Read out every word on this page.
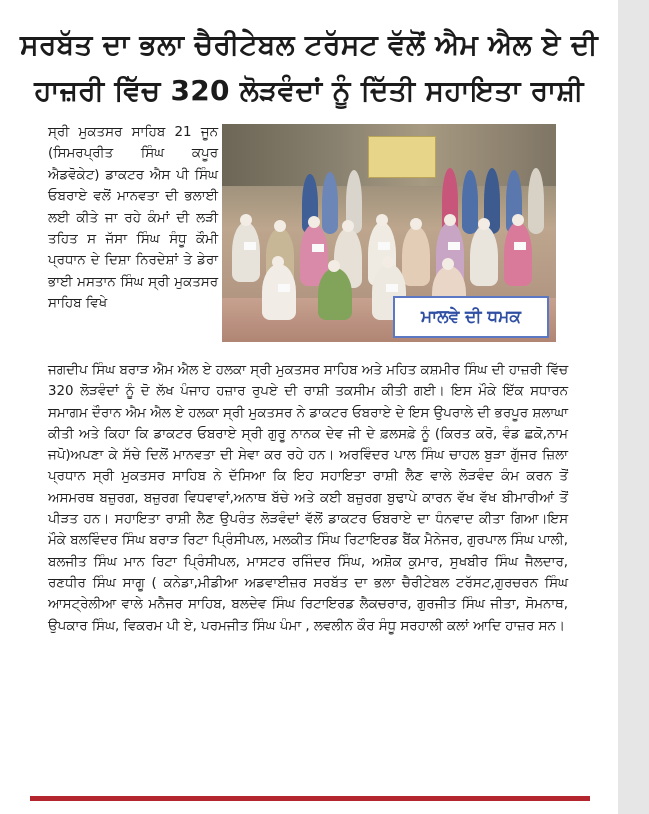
ਸਰਬੱਤ ਦਾ ਭਲਾ ਚੈਰੀਟੇਬਲ ਟਰੱਸਟ ਵੱਲੋਂ ਐਮ ਐਲ ਏ ਦੀ ਹਾਜ਼ਰੀ ਵਿੱਚ 320 ਲੋੜਵੰਦਾਂ ਨੂੰ ਦਿੱਤੀ ਸਹਾਇਤਾ ਰਾਸ਼ੀ
ਸ੍ਰੀ ਮੁਕਤਸਰ ਸਾਹਿਬ 21 ਜੂਨ (ਸਿਮਰਪ੍ਰੀਤ ਸਿੰਘ ਕਪੂਰ ਐਡਵੋਕੇਟ) ਡਾਕਟਰ ਐਸ ਪੀ ਸਿੰਘ ਓਬਰਾਏ ਵਲੋਂ ਮਾਨਵਤਾ ਦੀ ਭਲਾਈ ਲਈ ਕੀਤੇ ਜਾ ਰਹੇ ਕੰਮਾਂ ਦੀ ਲੜੀ ਤਹਿਤ ਸ ਜੱਸਾ ਸਿੰਘ ਸੰਧੂ ਕੌਮੀ ਪ੍ਰਧਾਨ ਦੇ ਦਿਸ਼ਾ ਨਿਰਦੇਸ਼ਾਂ ਤੇ ਡੇਰਾ ਭਾਈ ਮਸਤਾਨ ਸਿੰਘ ਸ੍ਰੀ ਮੁਕਤਸਰ ਸਾਹਿਬ ਵਿਖੇ
ਮਾਲਵੇ ਦੀ ਧਮਕ
ਜਗਦੀਪ ਸਿੰਘ ਬਰਾੜ ਐਮ ਐਲ ਏ ਹਲਕਾ ਸ੍ਰੀ ਮੁਕਤਸਰ ਸਾਹਿਬ ਅਤੇ ਮਹਿਤ ਕਸ਼ਮੀਰ ਸਿੰਘ ਦੀ ਹਾਜ਼ਰੀ ਵਿੱਚ 320 ਲੋੜਵੰਦਾਂ ਨੂੰ ਦੋ ਲੱਖ ਪੰਜਾਹ ਹਜ਼ਾਰ ਰੁਪਏ ਦੀ ਰਾਸ਼ੀ ਤਕਸੀਮ ਕੀਤੀ ਗਈ। ਇਸ ਮੌਕੇ ਇੱਕ ਸਧਾਰਨ ਸਮਾਗਮ ਦੌਰਾਨ ਐਮ ਐਲ ਏ ਹਲਕਾ ਸ੍ਰੀ ਮੁਕਤਸਰ ਨੇ ਡਾਕਟਰ ਓਬਰਾਏ ਦੇ ਇਸ ਉਪਰਾਲੇ ਦੀ ਭਰਪੂਰ ਸ਼ਲਾਘਾ ਕੀਤੀ ਅਤੇ ਕਿਹਾ ਕਿ ਡਾਕਟਰ ਓਬਰਾਏ ਸ੍ਰੀ ਗੁਰੂ ਨਾਨਕ ਦੇਵ ਜੀ ਦੇ ਫ਼ਲਸਫ਼ੇ ਨੂੰ (ਕਿਰਤ ਕਰੋ, ਵੰਡ ਛਕੋ,ਨਾਮ ਜਪੋ)ਅਪਣਾ ਕੇ ਸੱਚੇ ਦਿਲੋਂ ਮਾਨਵਤਾ ਦੀ ਸੇਵਾ ਕਰ ਰਹੇ ਹਨ। ਅਰਵਿੰਦਰ ਪਾਲ ਸਿੰਘ ਚਾਹਲ ਬੁੜਾ ਗੁੱਜਰ ਜ਼ਿਲਾ ਪ੍ਰਧਾਨ ਸ੍ਰੀ ਮੁਕਤਸਰ ਸਾਹਿਬ ਨੇ ਦੱਸਿਆ ਕਿ ਇਹ ਸਹਾਇਤਾ ਰਾਸ਼ੀ ਲੈਣ ਵਾਲੇ ਲੋੜਵੰਦ ਕੰਮ ਕਰਨ ਤੋਂ ਅਸਮਰਥ ਬਜ਼ੁਰਗ, ਬਜ਼ੁਰਗ ਵਿਧਵਾਵਾਂ,ਅਨਾਥ ਬੱਚੇ ਅਤੇ ਕਈ ਬਜ਼ੁਰਗ ਬੁਢਾਪੇ ਕਾਰਨ ਵੱਖ ਵੱਖ ਬੀਮਾਰੀਆਂ ਤੋਂ ਪੀੜਤ ਹਨ। ਸਹਾਇਤਾ ਰਾਸ਼ੀ ਲੈਣ ਉਪਰੰਤ ਲੋੜਵੰਦਾਂ ਵੱਲੋਂ ਡਾਕਟਰ ਓਬਰਾਏ ਦਾ ਧੰਨਵਾਦ ਕੀਤਾ ਗਿਆ।ਇਸ ਮੌਕੇ ਬਲਵਿੰਦਰ ਸਿੰਘ ਬਰਾੜ ਰਿਟਾ ਪ੍ਰਿੰਸੀਪਲ, ਮਲਕੀਤ ਸਿੰਘ ਰਿਟਾਇਰਡ ਬੈਂਕ ਮੈਨੇਜਰ, ਗੁਰਪਾਲ ਸਿੰਘ ਪਾਲੀ, ਬਲਜੀਤ ਸਿੰਘ ਮਾਨ ਰਿਟਾ ਪ੍ਰਿੰਸੀਪਲ, ਮਾਸਟਰ ਰਜਿੰਦਰ ਸਿੰਘ, ਅਸ਼ੋਕ ਕੁਮਾਰ, ਸੁਖਬੀਰ ਸਿੰਘ ਜੈਲਦਾਰ, ਰਣਧੀਰ ਸਿੰਘ ਸਾਗੂ ( ਕਨੇਡਾ,ਮੀਡੀਆ ਅਡਵਾਈਜ਼ਰ ਸਰਬੱਤ ਦਾ ਭਲਾ ਚੈਰੀਟੇਬਲ ਟਰੱਸਟ,ਗੁਰਚਰਨ ਸਿੰਘ ਆਸਟ੍ਰੇਲੀਆ ਵਾਲੇ ਮਨੈਜਰ ਸਾਹਿਬ, ਬਲਦੇਵ ਸਿੰਘ ਰਿਟਾਇਰਡ ਲੈਕਚਰਾਰ, ਗੁਰਜੀਤ ਸਿੰਘ ਜੀਤਾ, ਸੋਮਨਾਥ, ਉਪਕਾਰ ਸਿੰਘ, ਵਿਕਰਮ ਪੀ ਏ, ਪਰਮਜੀਤ ਸਿੰਘ ਪੰਮਾ , ਲਵਲੀਨ ਕੌਰ ਸੰਧੂ ਸਰਹਾਲੀ ਕਲਾਂ ਆਦਿ ਹਾਜ਼ਰ ਸਨ।
